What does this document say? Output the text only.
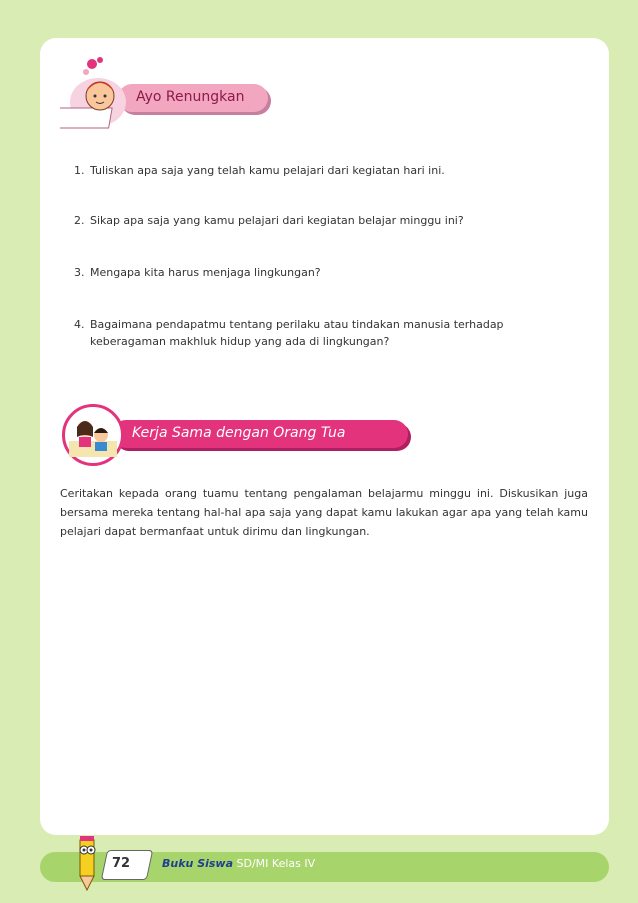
Ayo Renungkan
1. Tuliskan apa saja yang telah kamu pelajari dari kegiatan hari ini.
2. Sikap apa saja yang kamu pelajari dari kegiatan belajar minggu ini?
3. Mengapa kita harus menjaga lingkungan?
4. Bagaimana pendapatmu tentang perilaku atau tindakan manusia terhadap
keberagaman makhluk hidup yang ada di lingkungan?
Kerja Sama dengan Orang Tua
Ceritakan kepada orang tuamu tentang pengalaman belajarmu minggu ini. Diskusikan juga bersama mereka tentang hal-hal apa saja yang dapat kamu lakukan agar apa yang telah kamu pelajari dapat bermanfaat untuk dirimu dan lingkungan.
72	Buku Siswa SD/MI Kelas IV
